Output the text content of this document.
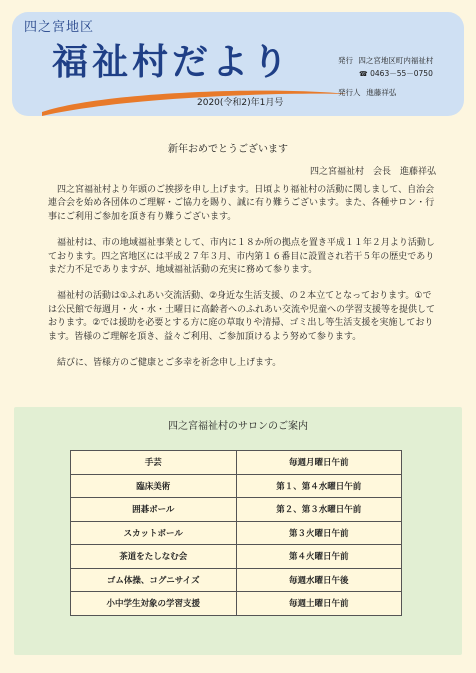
四之宮地区
福祉村だより
2020(令和2)年1月号
発行 四之宮地区町内福祉村
☎ 0463－55－0750
発行人 進藤祥弘
新年おめでとうございます
四之宮福祉村　会長　進藤祥弘

四之宮福祉村より年頭のご挨拶を申し上げます。日頃より福祉村の活動に関しまして、自治会連合会を始め各団体のご理解・ご協力を賜り、誠に有り難うございます。また、各種サロン・行事にご利用ご参加を頂き有り難うございます。

福祉村は、市の地域福祉事業として、市内に１８か所の拠点を置き平成１１年２月より活動しております。四之宮地区には平成２７年３月、市内第１６番目に設置され若干５年の歴史でありまだ力不足でありますが、地域福祉活動の充実に務めて参ります。

福祉村の活動は①ふれあい交流活動、②身近な生活支援、の２本立てとなっております。①では公民館で毎週月・火・水・土曜日に高齢者へのふれあい交流や児童への学習支援等を提供しております。②では援助を必要とする方に庭の草取りや清掃、ゴミ出し等生活支援を実施しております。皆様のご理解を頂き、益々ご利用、ご参加頂けるよう努めて参ります。

結びに、皆様方のご健康とご多幸を祈念申し上げます。

四之宮福祉村のサロンのご案内
手芸	毎週月曜日午前
臨床美術	第１、第４水曜日午前
囲碁ボール	第２、第３水曜日午前
スカットボール	第３火曜日午前
茶道をたしなむ会	第４火曜日午前
ゴム体操、コグニサイズ	毎週水曜日午後
小中学生対象の学習支援	毎週土曜日午前
